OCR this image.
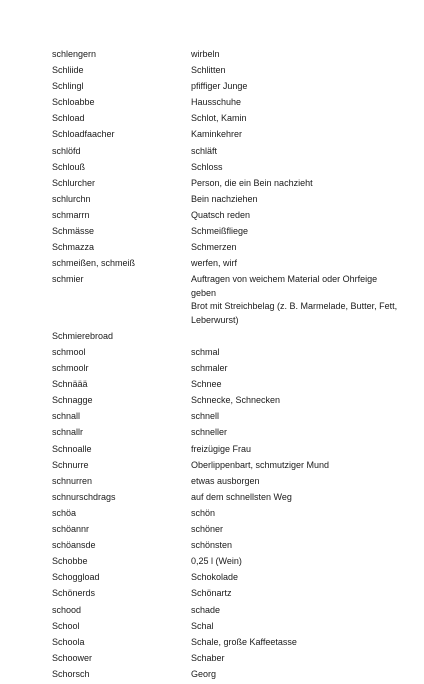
schlengern	wirbeln
Schliide	Schlitten
Schlingl	pfiffiger Junge
Schloabbe	Hausschuhe
Schload	Schlot, Kamin
Schloadfaacher	Kaminkehrer
schlöfd	schläft
Schlouß	Schloss
Schlurcher	Person, die ein Bein nachzieht
schlurchn	Bein nachziehen
schmarrn	Quatsch reden
Schmässe	Schmeißfliege
Schmazza	Schmerzen
schmeißen, schmeiß	werfen, wirf
schmier	Auftragen von weichem Material oder Ohrfeige geben
Brot mit Streichbelag (z. B. Marmelade, Butter, Fett,
Leberwurst)
Schmierebroad
schmool	schmal
schmoolr	schmaler
Schnäää	Schnee
Schnagge	Schnecke, Schnecken
schnall	schnell
schnallr	schneller
Schnoalle	freizügige Frau
Schnurre	Oberlippenbart, schmutziger Mund
schnurren	etwas ausborgen
schnurschdrags	auf dem schnellsten Weg
schöa	schön
schöannr	schöner
schöansde	schönsten
Schobbe	0,25 l (Wein)
Schoggload	Schokolade
Schönerds	Schönartz
schood	schade
School	Schal
Schoola	Schale, große Kaffeetasse
Schoower	Schaber
Schorsch	Georg
